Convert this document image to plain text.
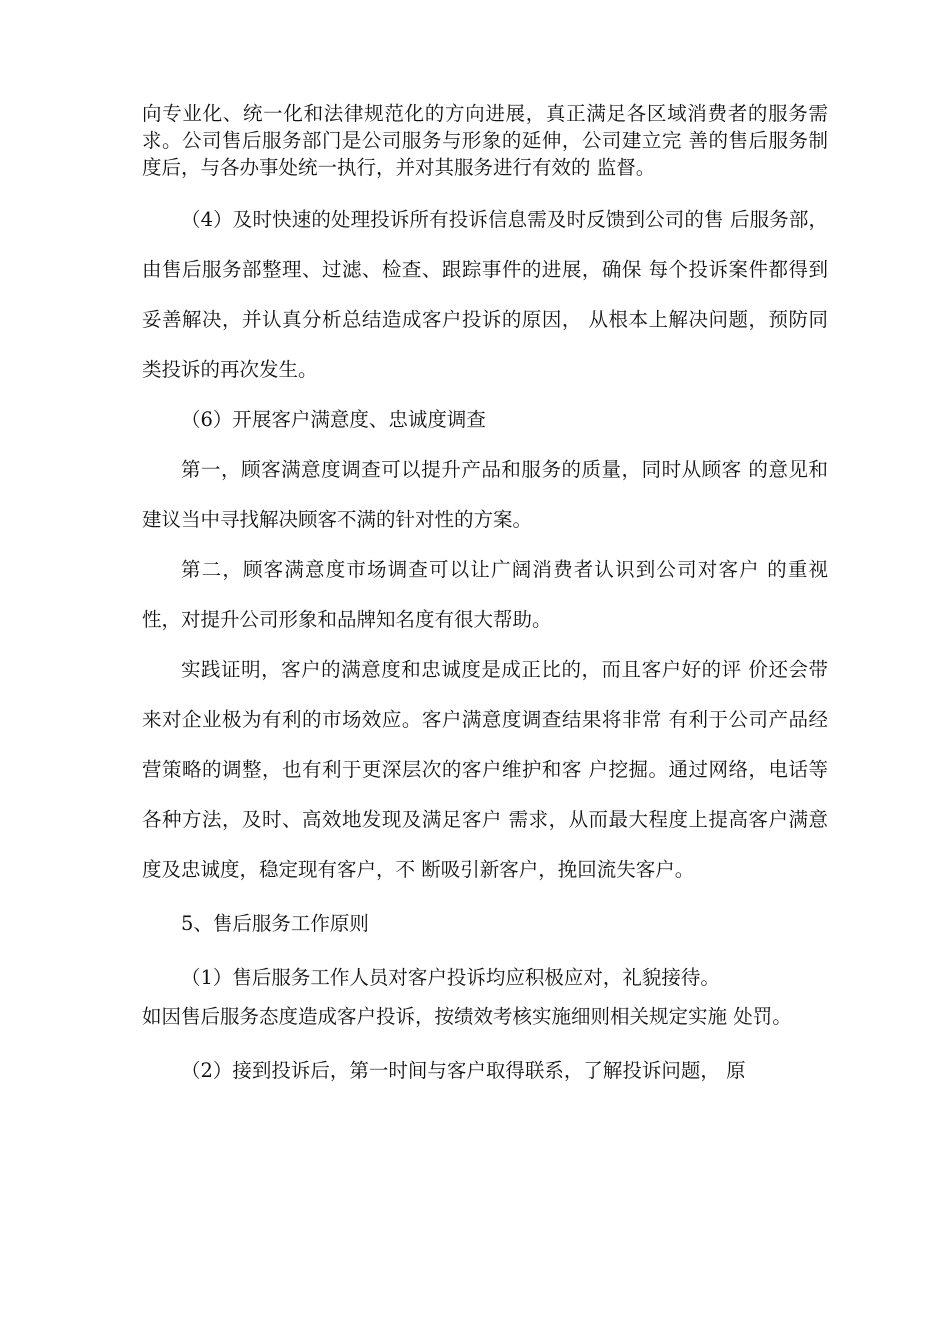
向专业化、统一化和法律规范化的方向进展，真正满足各区域消费者的服务需求。公司售后服务部门是公司服务与形象的延伸，公司建立完 善的售后服务制度后，与各办事处统一执行，并对其服务进行有效的 监督。

（4）及时快速的处理投诉所有投诉信息需及时反馈到公司的售 后服务部，由售后服务部整理、过滤、检查、跟踪事件的进展，确保 每个投诉案件都得到妥善解决，并认真分析总结造成客户投诉的原因， 从根本上解决问题，预防同类投诉的再次发生。

（6）开展客户满意度、忠诚度调查

第一，顾客满意度调查可以提升产品和服务的质量，同时从顾客 的意见和建议当中寻找解决顾客不满的针对性的方案。

第二，顾客满意度市场调查可以让广阔消费者认识到公司对客户 的重视性，对提升公司形象和品牌知名度有很大帮助。

实践证明，客户的满意度和忠诚度是成正比的，而且客户好的评 价还会带来对企业极为有利的市场效应。客户满意度调查结果将非常 有利于公司产品经营策略的调整，也有利于更深层次的客户维护和客 户挖掘。通过网络，电话等各种方法，及时、高效地发现及满足客户 需求，从而最大程度上提高客户满意度及忠诚度，稳定现有客户，不 断吸引新客户，挽回流失客户。

5、售后服务工作原则

（1）售后服务工作人员对客户投诉均应积极应对，礼貌接待。

如因售后服务态度造成客户投诉，按绩效考核实施细则相关规定实施 处罚。

（2）接到投诉后，第一时间与客户取得联系，了解投诉问题， 原
